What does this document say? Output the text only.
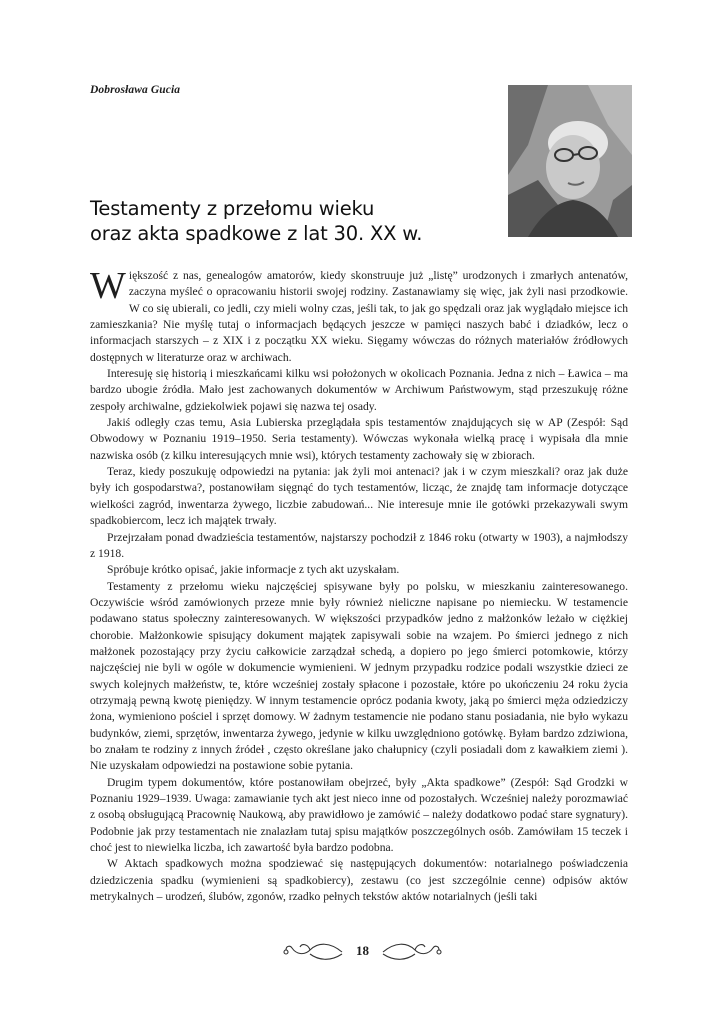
Dobrosława Gucia
Testamenty z przełomu wieku
oraz akta spadkowe z lat 30. XX w.

Większość z nas, genealogów amatorów, kiedy skonstruuje już „listę” urodzonych i zmarłych antenatów, zaczyna myśleć o opracowaniu historii swojej rodziny. Zastanawiamy się więc, jak żyli nasi przodkowie. W co się ubierali, co jedli, czy mieli wolny czas, jeśli tak, to jak go spędzali oraz jak wyglądało miejsce ich zamieszkania? Nie myślę tutaj o informacjach będących jeszcze w pamięci naszych babć i dziadków, lecz o informacjach starszych – z XIX i z początku XX wieku. Sięgamy wówczas do różnych materiałów źródłowych dostępnych w literaturze oraz w archiwach.

Interesuję się historią i mieszkańcami kilku wsi położonych w okolicach Poznania. Jedna z nich – Ławica – ma bardzo ubogie źródła. Mało jest zachowanych dokumentów w Archiwum Państwowym, stąd przeszukuję różne zespoły archiwalne, gdziekolwiek pojawi się nazwa tej osady.

Jakiś odległy czas temu, Asia Lubierska przeglądała spis testamentów znajdujących się w AP (Zespół: Sąd Obwodowy w Poznaniu 1919–1950. Seria testamenty). Wówczas wykonała wielką pracę i wypisała dla mnie nazwiska osób (z kilku interesujących mnie wsi), których testamenty zachowały się w zbiorach.

Teraz, kiedy poszukuję odpowiedzi na pytania: jak żyli moi antenaci? jak i w czym mieszkali? oraz jak duże były ich gospodarstwa?, postanowiłam sięgnąć do tych testamentów, licząc, że znajdę tam informacje dotyczące wielkości zagród, inwentarza żywego, liczbie zabudowań... Nie interesuje mnie ile gotówki przekazywali swym spadkobiercom, lecz ich majątek trwały.

Przejrzałam ponad dwadzieścia testamentów, najstarszy pochodził z 1846 roku (otwarty w 1903), a najmłodszy z 1918.

Spróbuje krótko opisać, jakie informacje z tych akt uzyskałam.

Testamenty z przełomu wieku najczęściej spisywane były po polsku, w mieszkaniu zainteresowanego. Oczywiście wśród zamówionych przeze mnie były również nieliczne napisane po niemiecku. W testamencie podawano status społeczny zainteresowanych. W większości przypadków jedno z małżonków leżało w ciężkiej chorobie. Małżonkowie spisujący dokument majątek zapisywali sobie na wzajem. Po śmierci jednego z nich małżonek pozostający przy życiu całkowicie zarządzał schedą, a dopiero po jego śmierci potomkowie, którzy najczęściej nie byli w ogóle w dokumencie wymienieni. W jednym przypadku rodzice podali wszystkie dzieci ze swych kolejnych małżeństw, te, które wcześniej zostały spłacone i pozostałe, które po ukończeniu 24 roku życia otrzymają pewną kwotę pieniędzy. W innym testamencie oprócz podania kwoty, jaką po śmierci męża odziedziczy żona, wymieniono pościel i sprzęt domowy. W żadnym testamencie nie podano stanu posiadania, nie było wykazu budynków, ziemi, sprzętów, inwentarza żywego, jedynie w kilku uwzględniono gotówkę. Byłam bardzo zdziwiona, bo znałam te rodziny z innych źródeł , często określane jako chałupnicy (czyli posiadali dom z kawałkiem ziemi ). Nie uzyskałam odpowiedzi na postawione sobie pytania.

Drugim typem dokumentów, które postanowiłam obejrzeć, były „Akta spadkowe” (Zespół: Sąd Grodzki w Poznaniu 1929–1939. Uwaga: zamawianie tych akt jest nieco inne od pozostałych. Wcześniej należy porozmawiać z osobą obsługującą Pracownię Naukową, aby prawidłowo je zamówić – należy dodatkowo podać stare sygnatury). Podobnie jak przy testamentach nie znalazłam tutaj spisu majątków poszczególnych osób. Zamówiłam 15 teczek i choć jest to niewielka liczba, ich zawartość była bardzo podobna.

W Aktach spadkowych można spodziewać się następujących dokumentów: notarialnego poświadczenia dziedziczenia spadku (wymienieni są spadkobiercy), zestawu (co jest szczególnie cenne) odpisów aktów metrykalnych – urodzeń, ślubów, zgonów, rzadko pełnych tekstów aktów notarialnych (jeśli taki

18
